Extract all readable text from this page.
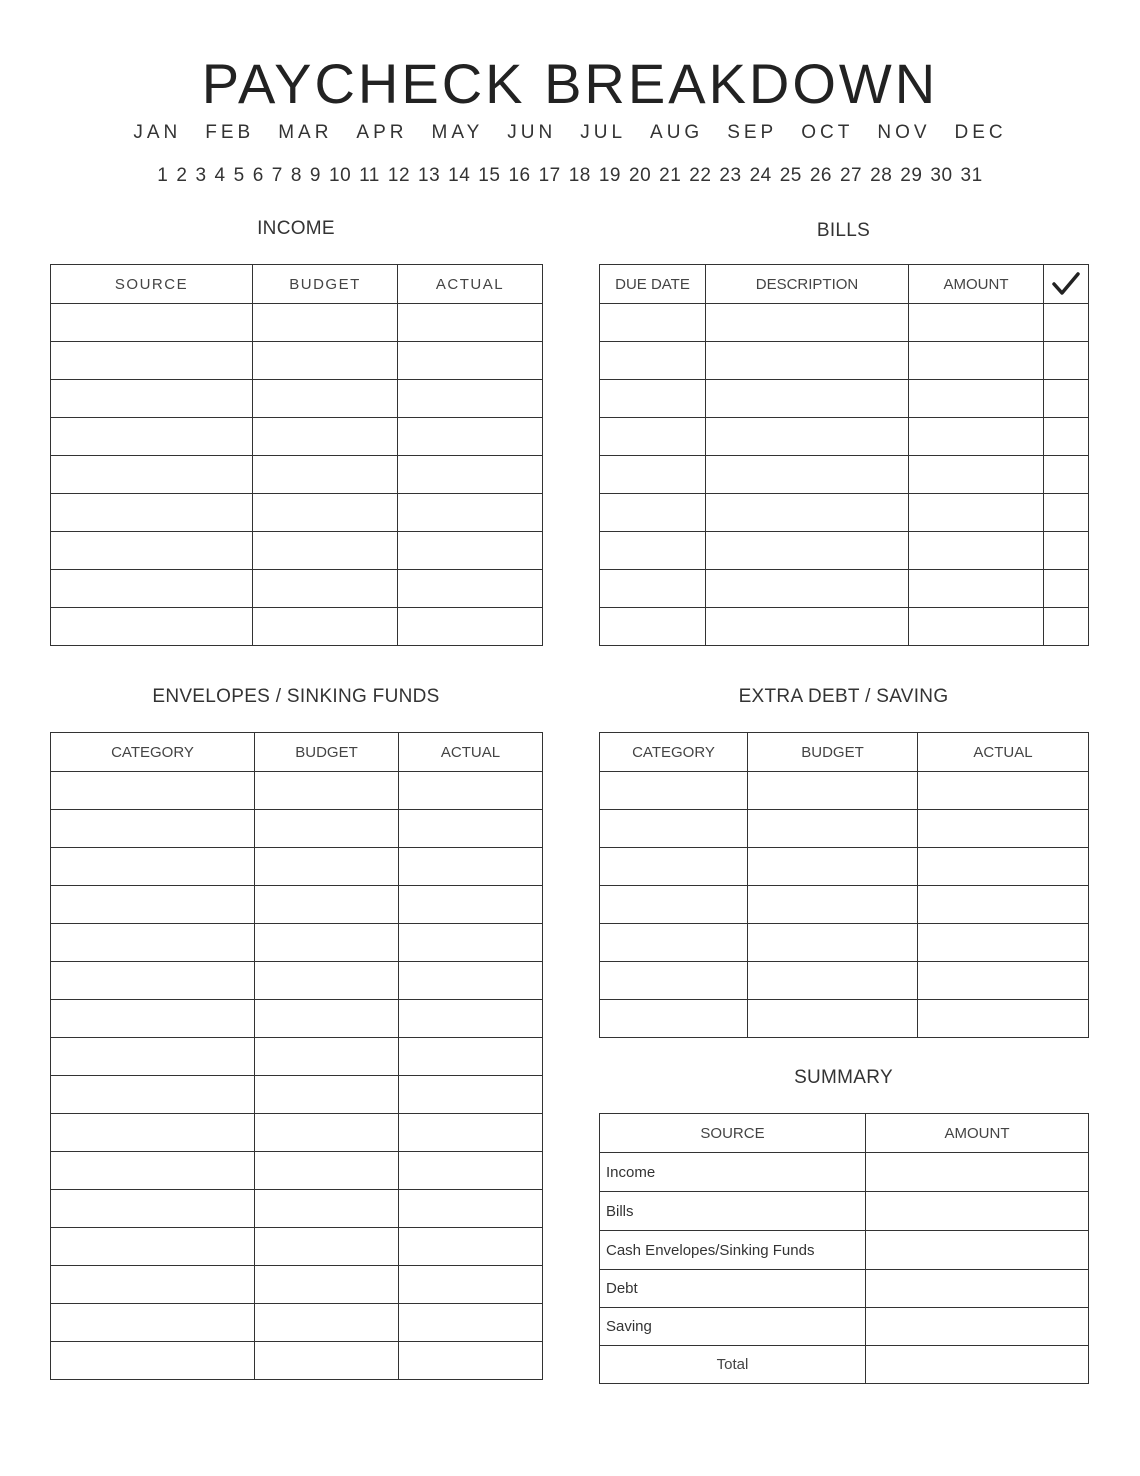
PAYCHECK BREAKDOWN
JAN FEB MAR APR MAY JUN JUL AUG SEP OCT NOV DEC
1 2 3 4 5 6 7 8 9 10 11 12 13 14 15 16 17 18 19 20 21 22 23 24 25 26 27 28 29 30 31
INCOME
SOURCE	BUDGET	ACTUAL

BILLS
DUE DATE	DESCRIPTION	AMOUNT	

ENVELOPES / SINKING FUNDS
CATEGORY	BUDGET	ACTUAL

EXTRA DEBT / SAVING
CATEGORY	BUDGET	ACTUAL

SUMMARY
SOURCE	AMOUNT
Income	
Bills	
Cash Envelopes/Sinking Funds	
Debt	
Saving	
Total	
